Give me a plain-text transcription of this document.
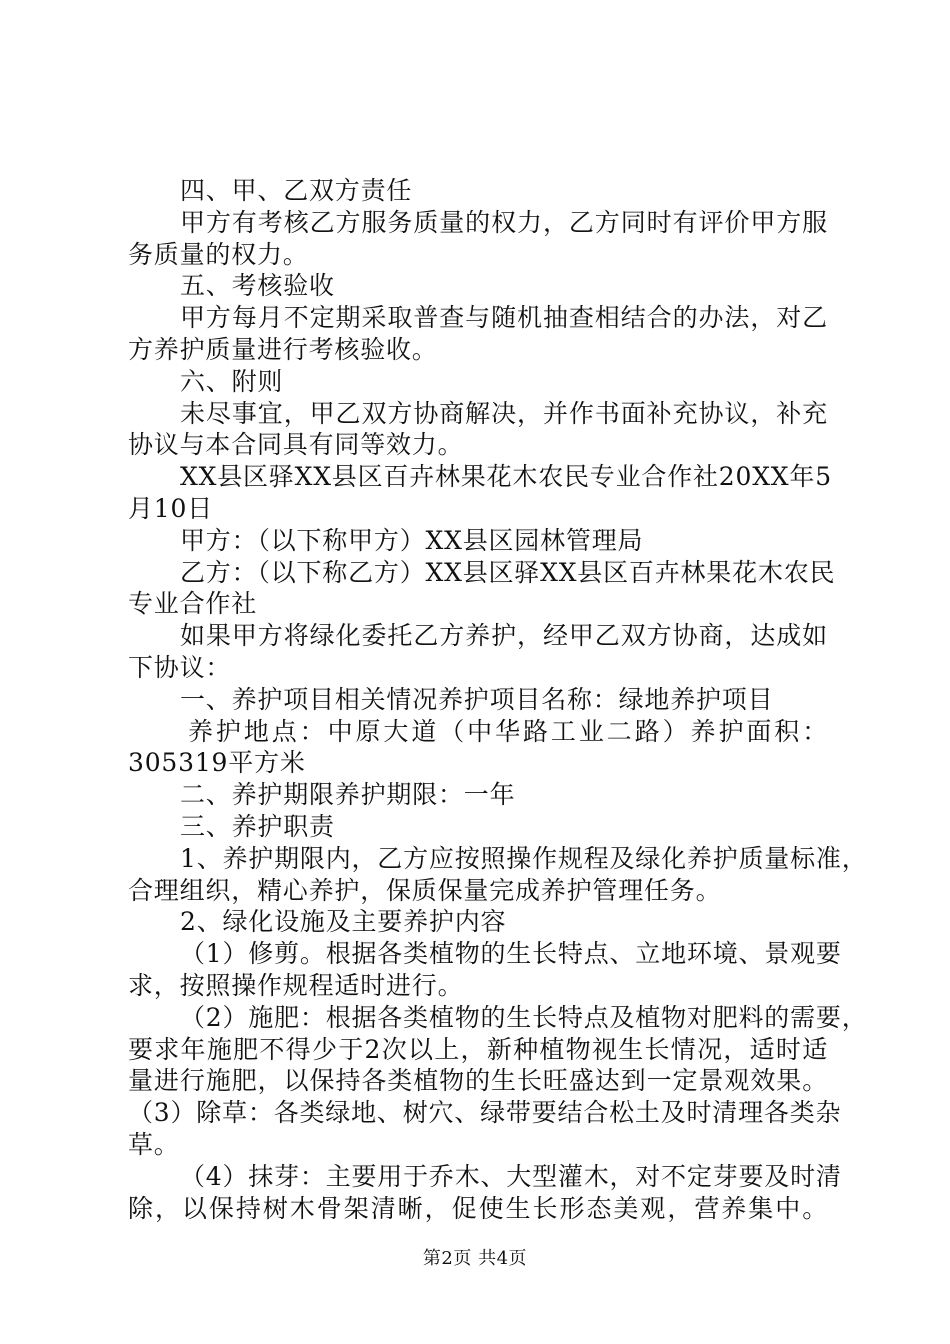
四、甲、乙双方责任
甲方有考核乙方服务质量的权力，乙方同时有评价甲方服
务质量的权力。
五、考核验收
甲方每月不定期采取普查与随机抽查相结合的办法，对乙
方养护质量进行考核验收。
六、附则
未尽事宜，甲乙双方协商解决，并作书面补充协议，补充
协议与本合同具有同等效力。
XX县区驿XX县区百卉林果花木农民专业合作社20XX年5
月10日
甲方：（以下称甲方）XX县区园林管理局
乙方：（以下称乙方）XX县区驿XX县区百卉林果花木农民
专业合作社
如果甲方将绿化委托乙方养护，经甲乙双方协商，达成如
下协议：
一、养护项目相关情况养护项目名称：绿地养护项目
养护地点：中原大道（中华路工业二路）养护面积：
305319平方米
二、养护期限养护期限：一年
三、养护职责
1、养护期限内，乙方应按照操作规程及绿化养护质量标准，
合理组织，精心养护，保质保量完成养护管理任务。
2、绿化设施及主要养护内容
（1）修剪。根据各类植物的生长特点、立地环境、景观要
求，按照操作规程适时进行。
（2）施肥：根据各类植物的生长特点及植物对肥料的需要，
要求年施肥不得少于2次以上，新种植物视生长情况，适时适
量进行施肥，以保持各类植物的生长旺盛达到一定景观效果。
（3）除草：各类绿地、树穴、绿带要结合松土及时清理各类杂
草。
（4）抹芽：主要用于乔木、大型灌木，对不定芽要及时清
除，以保持树木骨架清晰，促使生长形态美观，营养集中。
第2页 共4页
